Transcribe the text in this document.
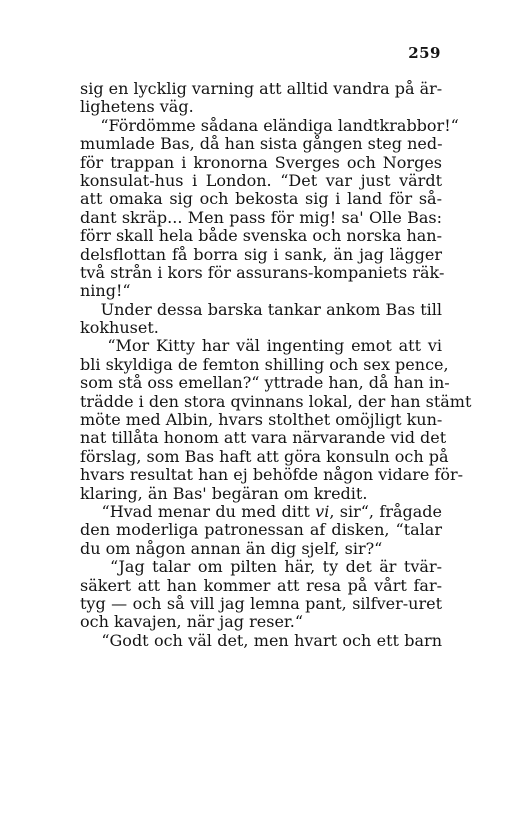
259
sig en lycklig varning att alltid vandra på är-
lighetens väg.
“Fördömme sådana eländiga landtkrabbor!“
mumlade Bas, då han sista gången steg ned-
för trappan i kronorna Sverges och Norges
konsulat-hus i London. “Det var just värdt
att omaka sig och bekosta sig i land för så-
dant skräp... Men pass för mig! sa' Olle Bas:
förr skall hela både svenska och norska han-
delsflottan få borra sig i sank, än jag lägger
två strån i kors för assurans-kompaniets räk-
ning!“
Under dessa barska tankar ankom Bas till
kokhuset.
“Mor Kitty har väl ingenting emot att vi
bli skyldiga de femton shilling och sex pence,
som stå oss emellan?“ yttrade han, då han in-
trädde i den stora qvinnans lokal, der han stämt
möte med Albin, hvars stolthet omöjligt kun-
nat tillåta honom att vara närvarande vid det
förslag, som Bas haft att göra konsuln och på
hvars resultat han ej behöfde någon vidare för-
klaring, än Bas' begäran om kredit.
“Hvad menar du med ditt vi, sir“, frågade
den moderliga patronessan af disken, “talar
du om någon annan än dig sjelf, sir?“
“Jag talar om pilten här, ty det är tvär-
säkert att han kommer att resa på vårt far-
tyg — och så vill jag lemna pant, silfver-uret
och kavajen, när jag reser.“
“Godt och väl det, men hvart och ett barn
